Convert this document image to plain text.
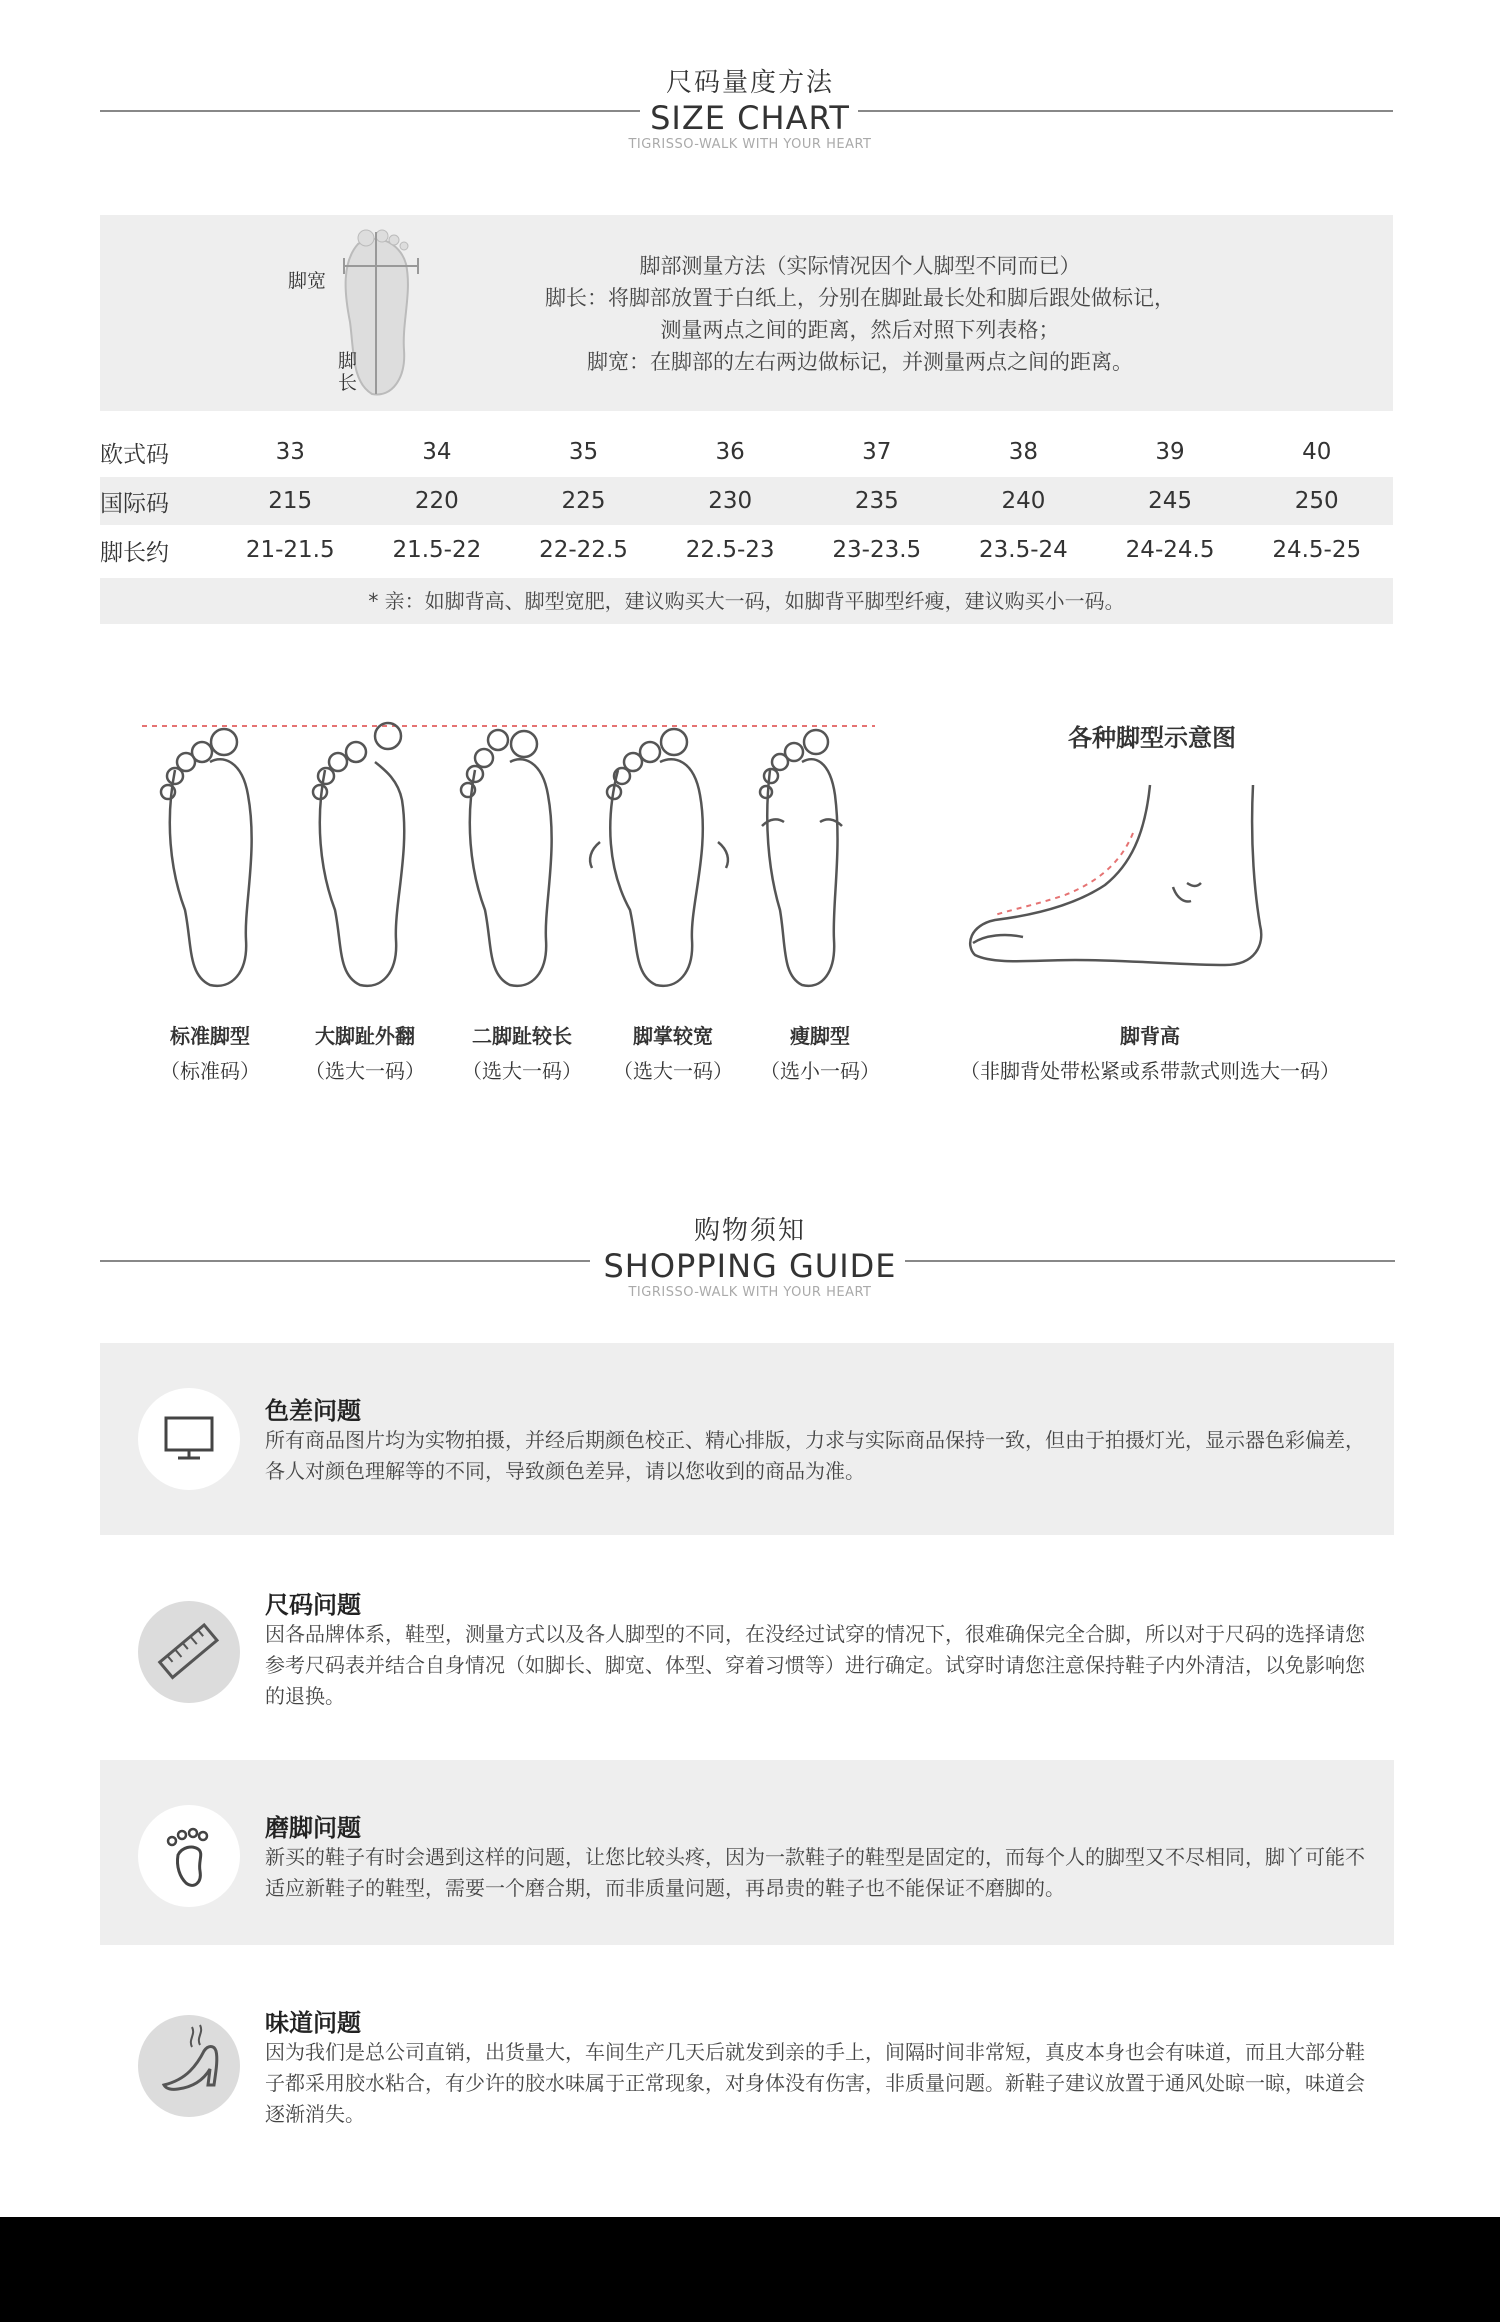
尺码量度方法
SIZE CHART
TIGRISSO-WALK WITH YOUR HEART
脚宽
脚长
脚部测量方法（实际情况因个人脚型不同而已）
脚长：将脚部放置于白纸上，分别在脚趾最长处和脚后跟处做标记，
测量两点之间的距离，然后对照下列表格；
脚宽：在脚部的左右两边做标记，并测量两点之间的距离。
欧式码	33	34	35	36	37	38	39	40
国际码	215	220	225	230	235	240	245	250
脚长约	21-21.5	21.5-22	22-22.5	22.5-23	23-23.5	23.5-24	24-24.5	24.5-25
* 亲：如脚背高、脚型宽肥，建议购买大一码，如脚背平脚型纤瘦，建议购买小一码。
各种脚型示意图
标准脚型
（标准码）
大脚趾外翻
（选大一码）
二脚趾较长
（选大一码）
脚掌较宽
（选大一码）
瘦脚型
（选小一码）
脚背高
（非脚背处带松紧或系带款式则选大一码）
购物须知
SHOPPING GUIDE
TIGRISSO-WALK WITH YOUR HEART
色差问题
所有商品图片均为实物拍摄，并经后期颜色校正、精心排版，力求与实际商品保持一致，但由于拍摄灯光，显示器色彩偏差，各人对颜色理解等的不同，导致颜色差异，请以您收到的商品为准。
尺码问题
因各品牌体系，鞋型，测量方式以及各人脚型的不同，在没经过试穿的情况下，很难确保完全合脚，所以对于尺码的选择请您参考尺码表并结合自身情况（如脚长、脚宽、体型、穿着习惯等）进行确定。试穿时请您注意保持鞋子内外清洁，以免影响您的退换。
磨脚问题
新买的鞋子有时会遇到这样的问题，让您比较头疼，因为一款鞋子的鞋型是固定的，而每个人的脚型又不尽相同，脚丫可能不适应新鞋子的鞋型，需要一个磨合期，而非质量问题，再昂贵的鞋子也不能保证不磨脚的。
味道问题
因为我们是总公司直销，出货量大，车间生产几天后就发到亲的手上，间隔时间非常短，真皮本身也会有味道，而且大部分鞋子都采用胶水粘合，有少许的胶水味属于正常现象，对身体没有伤害，非质量问题。新鞋子建议放置于通风处晾一晾，味道会逐渐消失。
